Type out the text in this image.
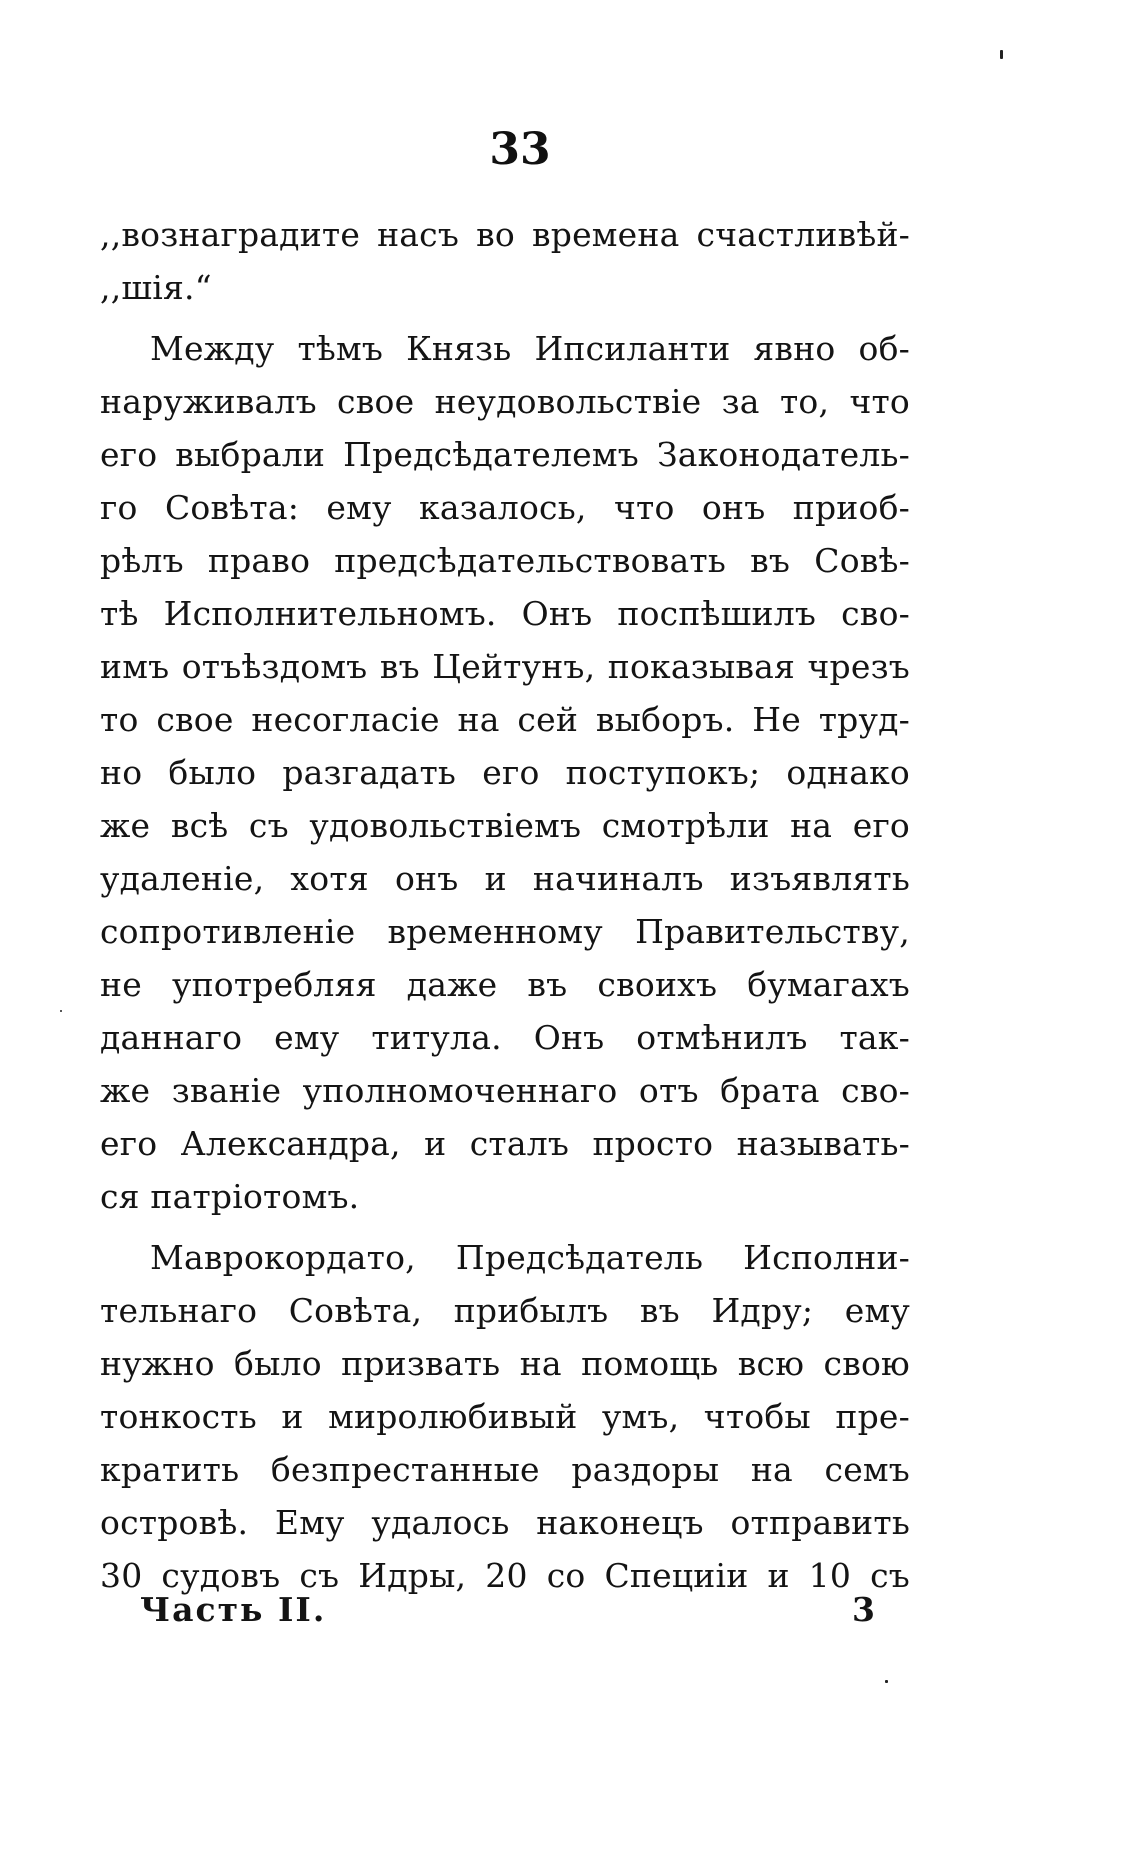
33
,,вознаградите насъ во времена счастливѣй-
,,шія.“
Между тѣмъ Князь Ипсиланти явно об-
наруживалъ свое неудовольствіе за то, что
его выбрали Предсѣдателемъ Законодатель-
го Совѣта: ему казалось, что онъ приоб-
рѣлъ право предсѣдательствовать въ Совѣ-
тѣ Исполнительномъ. Онъ поспѣшилъ сво-
имъ отъѣздомъ въ Цейтунъ, показывая чрезъ
то свое несогласіе на сей выборъ. Не труд-
но было разгадать его поступокъ; однако
же всѣ съ удовольствіемъ смотрѣли на его
удаленіе, хотя онъ и начиналъ изъявлять
сопротивленіе временному Правительству,
не употребляя даже въ своихъ бумагахъ
даннаго ему титула. Онъ отмѣнилъ так-
же званіе уполномоченнаго отъ брата сво-
его Александра, и сталъ просто называть-
ся патріотомъ.
Маврокордато, Предсѣдатель Исполни-
тельнаго Совѣта, прибылъ въ Идру; ему
нужно было призвать на помощь всю свою
тонкость и миролюбивый умъ, чтобы пре-
кратить безпрестанные раздоры на семъ
островѣ. Ему удалось наконецъ отправить
30 судовъ съ Идры, 20 со Специіи и 10 съ
Часть II.	3
